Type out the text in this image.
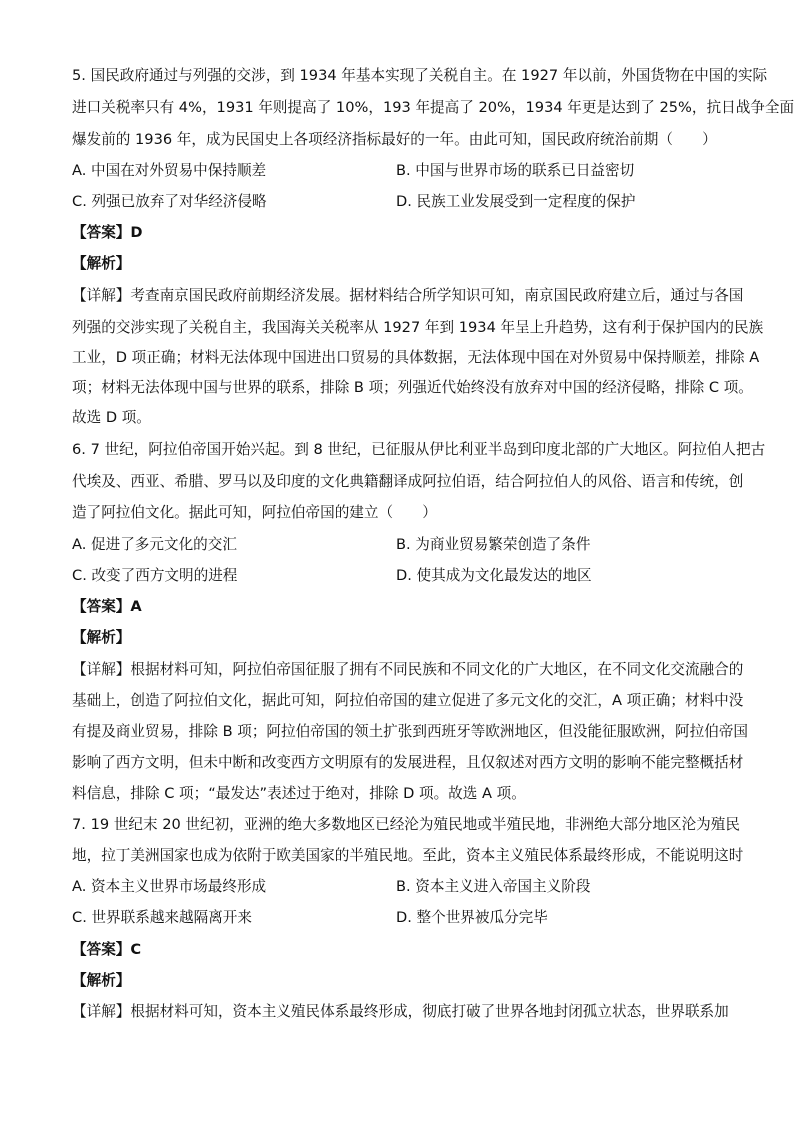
5. 国民政府通过与列强的交涉，到 1934 年基本实现了关税自主。在 1927 年以前，外国货物在中国的实际
进口关税率只有 4%，1931 年则提高了 10%，193 年提高了 20%，1934 年更是达到了 25%，抗日战争全面
爆发前的 1936 年，成为民国史上各项经济指标最好的一年。由此可知，国民政府统治前期（　　）
A. 中国在对外贸易中保持顺差	B. 中国与世界市场的联系已日益密切
C. 列强已放弃了对华经济侵略	D. 民族工业发展受到一定程度的保护
【答案】D
【解析】
【详解】考查南京国民政府前期经济发展。据材料结合所学知识可知，南京国民政府建立后，通过与各国
列强的交涉实现了关税自主，我国海关关税率从 1927 年到 1934 年呈上升趋势，这有利于保护国内的民族
工业，D 项正确；材料无法体现中国进出口贸易的具体数据，无法体现中国在对外贸易中保持顺差，排除 A
项；材料无法体现中国与世界的联系，排除 B 项；列强近代始终没有放弃对中国的经济侵略，排除 C 项。
故选 D 项。
6. 7 世纪，阿拉伯帝国开始兴起。到 8 世纪，已征服从伊比利亚半岛到印度北部的广大地区。阿拉伯人把古
代埃及、西亚、希腊、罗马以及印度的文化典籍翻译成阿拉伯语，结合阿拉伯人的风俗、语言和传统，创
造了阿拉伯文化。据此可知，阿拉伯帝国的建立（　　）
A. 促进了多元文化的交汇	B. 为商业贸易繁荣创造了条件
C. 改变了西方文明的进程	D. 使其成为文化最发达的地区
【答案】A
【解析】
【详解】根据材料可知，阿拉伯帝国征服了拥有不同民族和不同文化的广大地区，在不同文化交流融合的
基础上，创造了阿拉伯文化，据此可知，阿拉伯帝国的建立促进了多元文化的交汇，A 项正确；材料中没
有提及商业贸易，排除 B 项；阿拉伯帝国的领土扩张到西班牙等欧洲地区，但没能征服欧洲，阿拉伯帝国
影响了西方文明，但未中断和改变西方文明原有的发展进程，且仅叙述对西方文明的影响不能完整概括材
料信息，排除 C 项；“最发达”表述过于绝对，排除 D 项。故选 A 项。
7. 19 世纪末 20 世纪初，亚洲的绝大多数地区已经沦为殖民地或半殖民地，非洲绝大部分地区沦为殖民
地，拉丁美洲国家也成为依附于欧美国家的半殖民地。至此，资本主义殖民体系最终形成，不能说明这时
A. 资本主义世界市场最终形成	B. 资本主义进入帝国主义阶段
C. 世界联系越来越隔离开来	D. 整个世界被瓜分完毕
【答案】C
【解析】
【详解】根据材料可知，资本主义殖民体系最终形成，彻底打破了世界各地封闭孤立状态，世界联系加
